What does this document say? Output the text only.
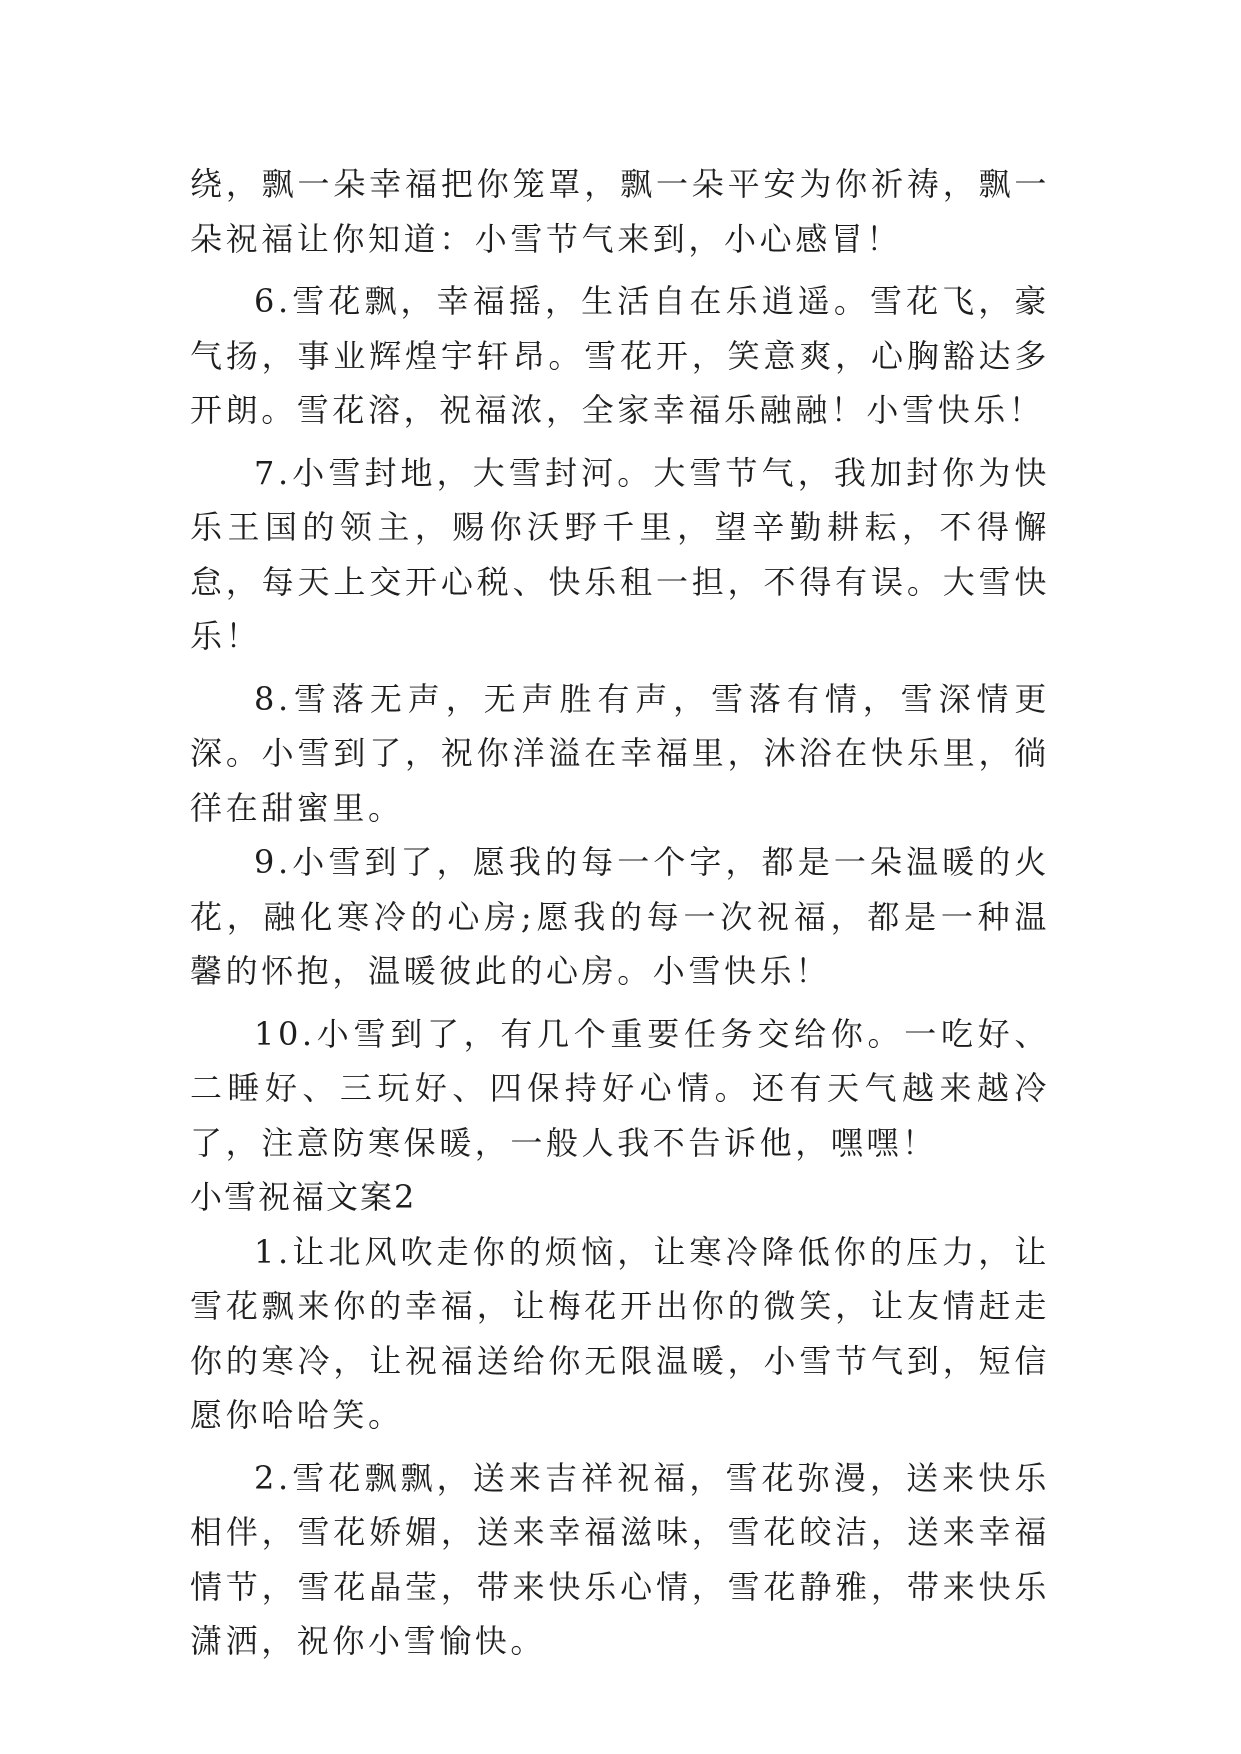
绕，飘一朵幸福把你笼罩，飘一朵平安为你祈祷，飘一朵祝福让你知道：小雪节气来到，小心感冒！

6.雪花飘，幸福摇，生活自在乐逍遥。雪花飞，豪气扬，事业辉煌宇轩昂。雪花开，笑意爽，心胸豁达多开朗。雪花溶，祝福浓，全家幸福乐融融！小雪快乐！

7.小雪封地，大雪封河。大雪节气，我加封你为快乐王国的领主，赐你沃野千里，望辛勤耕耘，不得懈怠，每天上交开心税、快乐租一担，不得有误。大雪快乐！

8.雪落无声，无声胜有声，雪落有情，雪深情更深。小雪到了，祝你洋溢在幸福里，沐浴在快乐里，徜徉在甜蜜里。

9.小雪到了，愿我的每一个字，都是一朵温暖的火花，融化寒冷的心房;愿我的每一次祝福，都是一种温馨的怀抱，温暖彼此的心房。小雪快乐！

10.小雪到了，有几个重要任务交给你。一吃好、二睡好、三玩好、四保持好心情。还有天气越来越冷了，注意防寒保暖，一般人我不告诉他，嘿嘿！

小雪祝福文案2

1.让北风吹走你的烦恼，让寒冷降低你的压力，让雪花飘来你的幸福，让梅花开出你的微笑，让友情赶走你的寒冷，让祝福送给你无限温暖，小雪节气到，短信愿你哈哈笑。

2.雪花飘飘，送来吉祥祝福，雪花弥漫，送来快乐相伴，雪花娇媚，送来幸福滋味，雪花皎洁，送来幸福情节，雪花晶莹，带来快乐心情，雪花静雅，带来快乐潇洒，祝你小雪愉快。
